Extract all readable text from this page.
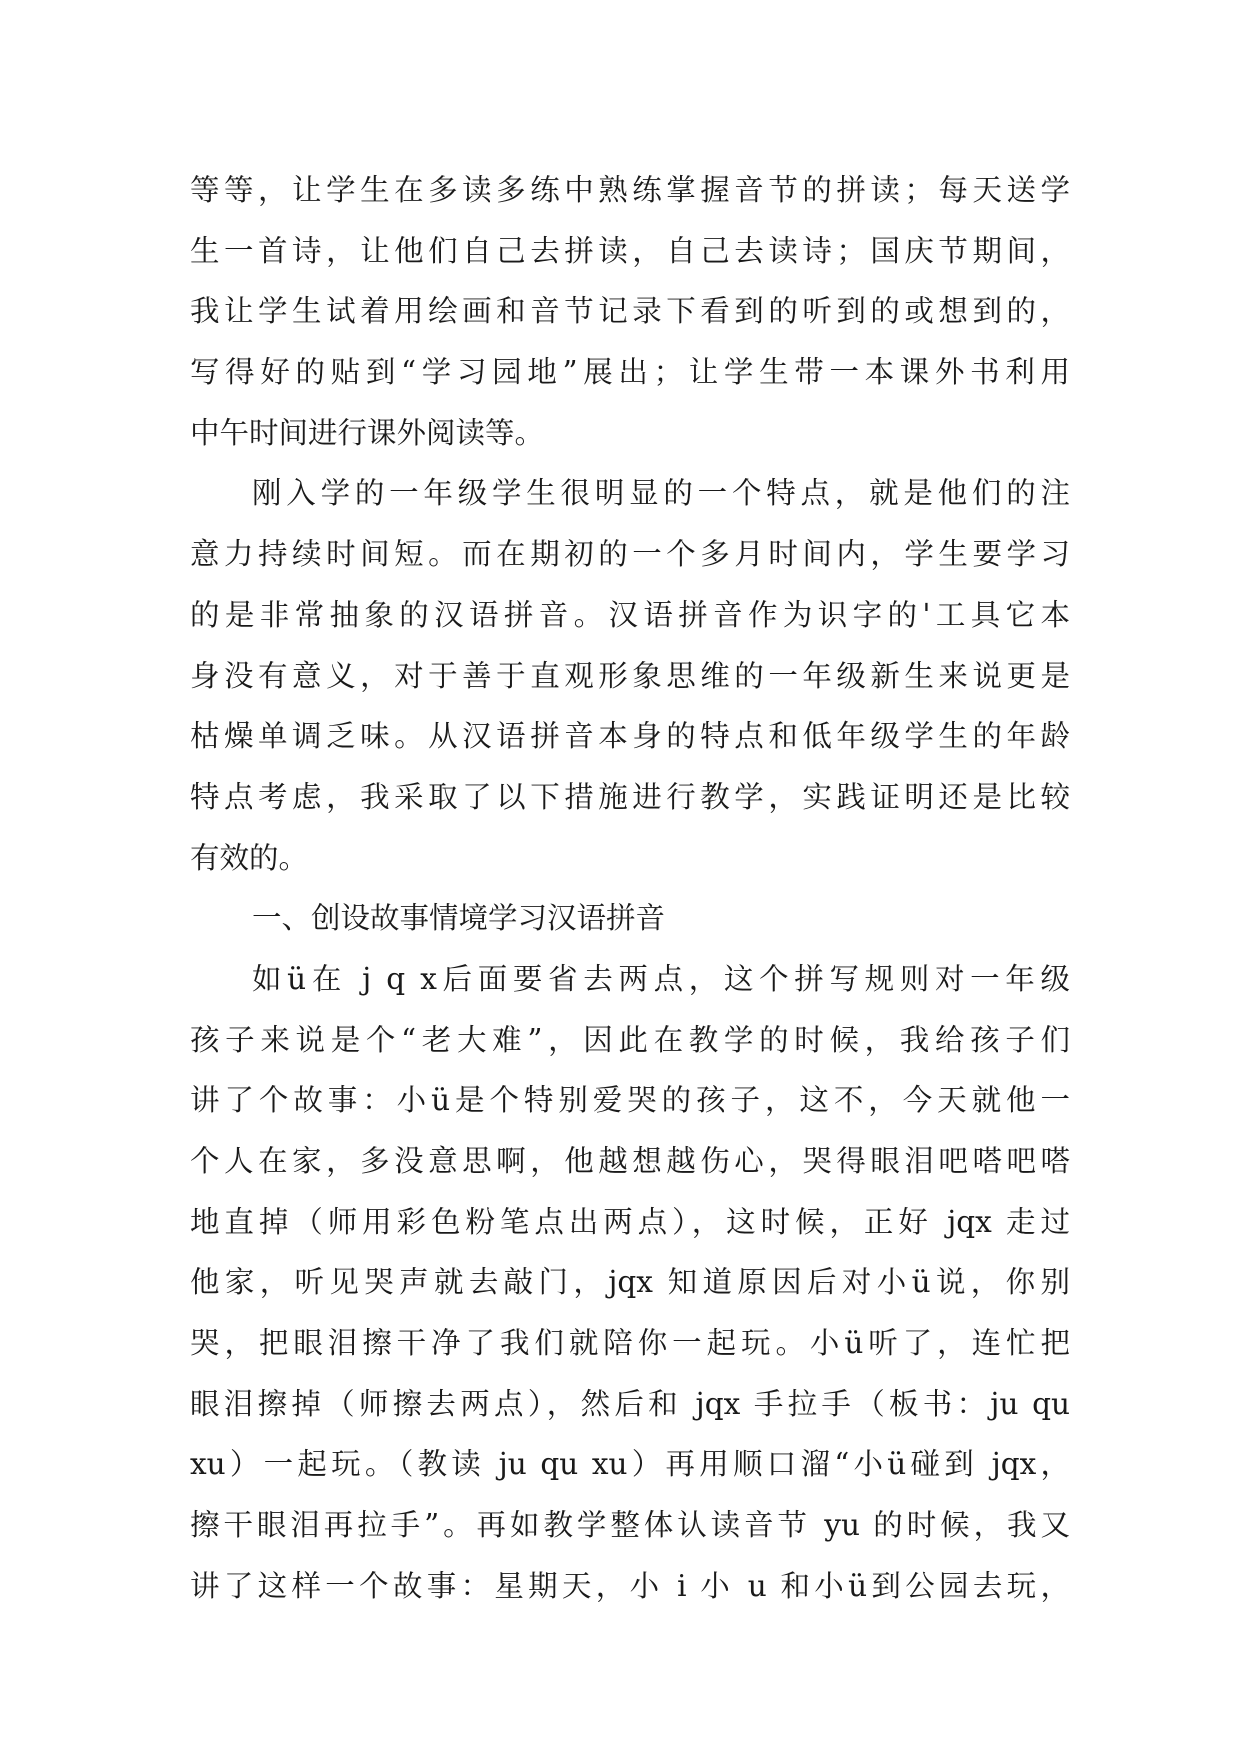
等等，让学生在多读多练中熟练掌握音节的拼读；每天送学
生一首诗，让他们自己去拼读，自己去读诗；国庆节期间，
我让学生试着用绘画和音节记录下看到的听到的或想到的，
写得好的贴到“学习园地”展出；让学生带一本课外书利用
中午时间进行课外阅读等。
刚入学的一年级学生很明显的一个特点，就是他们的注
意力持续时间短。而在期初的一个多月时间内，学生要学习
的是非常抽象的汉语拼音。汉语拼音作为识字的'工具它本
身没有意义，对于善于直观形象思维的一年级新生来说更是
枯燥单调乏味。从汉语拼音本身的特点和低年级学生的年龄
特点考虑，我采取了以下措施进行教学，实践证明还是比较
有效的。
一、创设故事情境学习汉语拼音
如ü在 j q x后面要省去两点，这个拼写规则对一年级
孩子来说是个“老大难”，因此在教学的时候，我给孩子们
讲了个故事：小ü是个特别爱哭的孩子，这不，今天就他一
个人在家，多没意思啊，他越想越伤心，哭得眼泪吧嗒吧嗒
地直掉（师用彩色粉笔点出两点），这时候，正好 jqx 走过
他家，听见哭声就去敲门，jqx 知道原因后对小ü说，你别
哭，把眼泪擦干净了我们就陪你一起玩。小ü听了，连忙把
眼泪擦掉（师擦去两点），然后和 jqx 手拉手（板书：ju qu
xu）一起玩。（教读 ju qu xu）再用顺口溜“小ü碰到 jqx，
擦干眼泪再拉手”。再如教学整体认读音节 yu 的时候，我又
讲了这样一个故事：星期天，小 i 小 u 和小ü到公园去玩，
